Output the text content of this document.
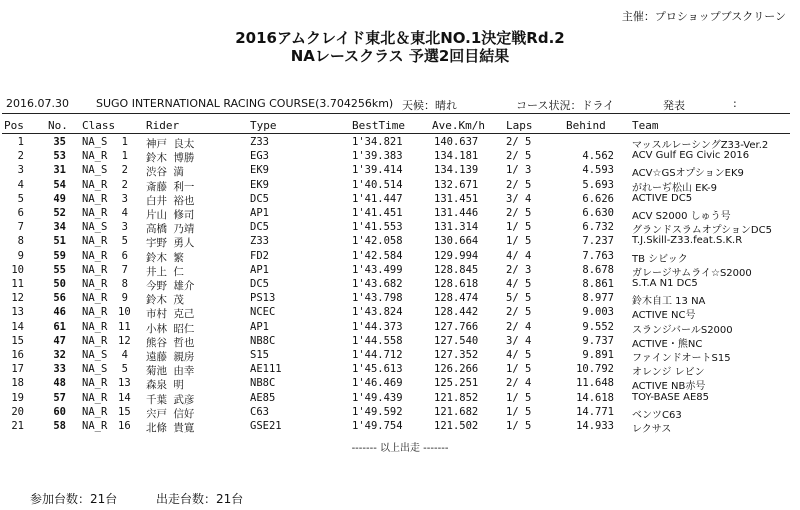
主催：プロショップブスクリーン
2016アムクレイド東北＆東北NO.1決定戦Rd.2
NAレースクラス 予選2回目結果
2016.07.30 SUGO INTERNATIONAL RACING COURSE(3.704256km) 天候：晴れ	コース状況：ドライ	発表	:
Pos No. Class	Rider	Type	BestTime Ave.Km/h Laps	Behind Team
1	35 NA_S	1 神戸 良太	Z33	1'34.821	140.637	2/ 5	マッスルレーシングZ33-Ver.2
2	53 NA_R	1 鈴木 博勝	EG3	1'39.383	134.181	2/ 5	4.562 ACV Gulf EG Civic 2016
3	31 NA_S	2 渋谷 満	EK9	1'39.414	134.139	1/ 3	4.593 ACV☆GSオプションEK9
4	54 NA_R	2 斎藤 利一	EK9	1'40.514	132.671	2/ 5	5.693 がれーぢ松山 EK-9
5	49 NA_R	3 白井 裕也	DC5	1'41.447	131.451	3/ 4	6.626 ACTIVE DC5
6	52 NA_R	4 片山 修司	AP1	1'41.451	131.446	2/ 5	6.630 ACV S2000 しゅう号
7	34 NA_S	3 高橋 乃靖	DC5	1'41.553	131.314	1/ 5	6.732 グランドスラムオプションDC5
8	51 NA_R	5 宇野 勇人	Z33	1'42.058	130.664	1/ 5	7.237 T.J.Skill-Z33.feat.S.K.R
9	59 NA_R	6 鈴木 繁	FD2	1'42.584	129.994	4/ 4	7.763 TB シビック
10	55 NA_R	7 井上 仁	AP1	1'43.499	128.845	2/ 3	8.678 ガレージサムライ☆S2000
11	50 NA_R	8 今野 雄介	DC5	1'43.682	128.618	4/ 5	8.861 S.T.A N1 DC5
12	56 NA_R	9 鈴木 茂	PS13	1'43.798	128.474	5/ 5	8.977 鈴木自工 13 NA
13	46 NA_R 10 市村 克己	NCEC	1'43.824	128.442	2/ 5	9.003 ACTIVE NC号
14	61 NA_R 11 小林 昭仁	AP1	1'44.373	127.766	2/ 4	9.552 スランジバールS2000
15	47 NA_R 12 熊谷 哲也	NB8C	1'44.558	127.540	3/ 4	9.737 ACTIVE・熊NC
16	32 NA_S	4 遠藤 親房	S15	1'44.712	127.352	4/ 5	9.891 ファインドオートS15
17	33 NA_S	5 菊池 由幸	AE111	1'45.613	126.266	1/ 5	10.792 オレンジ レビン
18	48 NA_R 13 森泉 明	NB8C	1'46.469	125.251	2/ 4	11.648 ACTIVE NB赤号
19	57 NA_R 14 千葉 武彦	AE85	1'49.439	121.852	1/ 5	14.618 TOY-BASE AE85
20	60 NA_R 15 宍戸 信好	C63	1'49.592	121.682	1/ 5	14.771 ベンツC63
21	58 NA_R 16 北條 貴寛	GSE21	1'49.754	121.502	1/ 5	14.933 レクサス
------- 以上出走 -------
参加台数：21台	出走台数：21台
